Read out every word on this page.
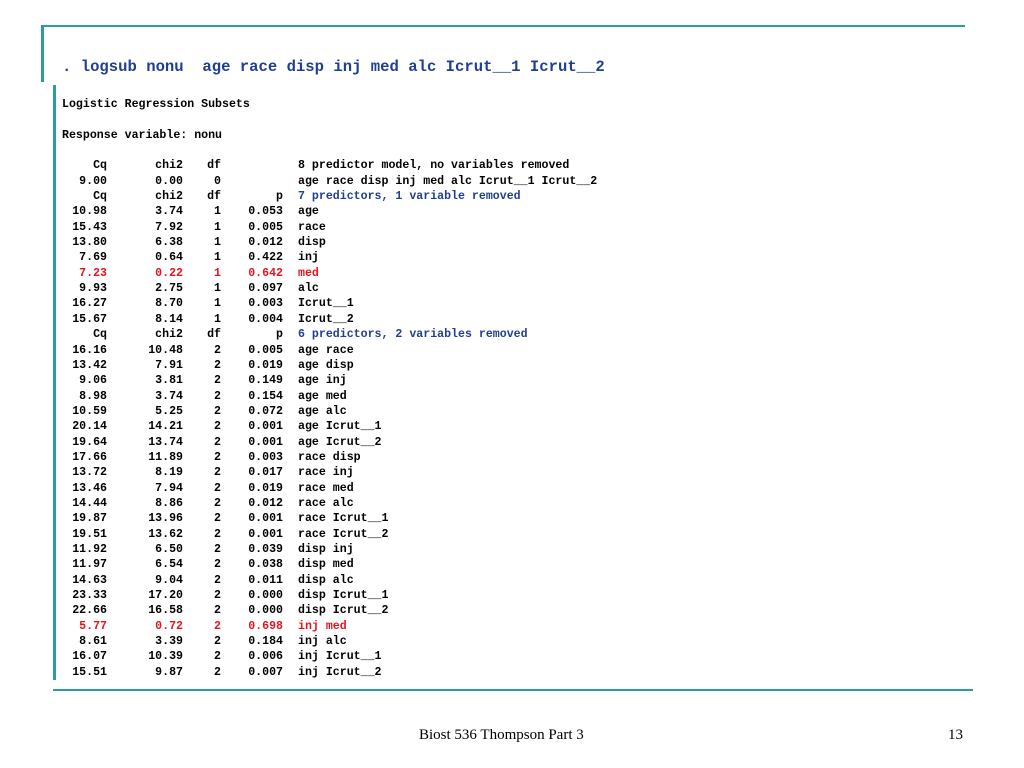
. logsub nonu  age race disp inj med alc Icrut__1 Icrut__2
Logistic Regression Subsets
Response variable: nonu
Cq	chi2 df	8 predictor model, no variables removed
9.00	0.00	0	age race disp inj med alc Icrut__1 Icrut__2
Cq	chi2 df	p 7 predictors, 1 variable removed
10.98	3.74	1 0.053 age
15.43	7.92	1 0.005 race
13.80	6.38	1 0.012 disp
7.69	0.64	1 0.422 inj
7.23	0.22	1 0.642 med
9.93	2.75	1 0.097 alc
16.27	8.70	1 0.003 Icrut__1
15.67	8.14	1 0.004 Icrut__2
Cq	chi2 df	p 6 predictors, 2 variables removed
16.16	10.48	2 0.005 age race
13.42	7.91	2 0.019 age disp
9.06	3.81	2 0.149 age inj
8.98	3.74	2 0.154 age med
10.59	5.25	2 0.072 age alc
20.14	14.21	2 0.001 age Icrut__1
19.64	13.74	2 0.001 age Icrut__2
17.66	11.89	2 0.003 race disp
13.72	8.19	2 0.017 race inj
13.46	7.94	2 0.019 race med
14.44	8.86	2 0.012 race alc
19.87	13.96	2 0.001 race Icrut__1
19.51	13.62	2 0.001 race Icrut__2
11.92	6.50	2 0.039 disp inj
11.97	6.54	2 0.038 disp med
14.63	9.04	2 0.011 disp alc
23.33	17.20	2 0.000 disp Icrut__1
22.66	16.58	2 0.000 disp Icrut__2
5.77	0.72	2 0.698 inj med
8.61	3.39	2 0.184 inj alc
16.07	10.39	2 0.006 inj Icrut__1
15.51	9.87	2 0.007 inj Icrut__2
Biost 536 Thompson Part 3	13
